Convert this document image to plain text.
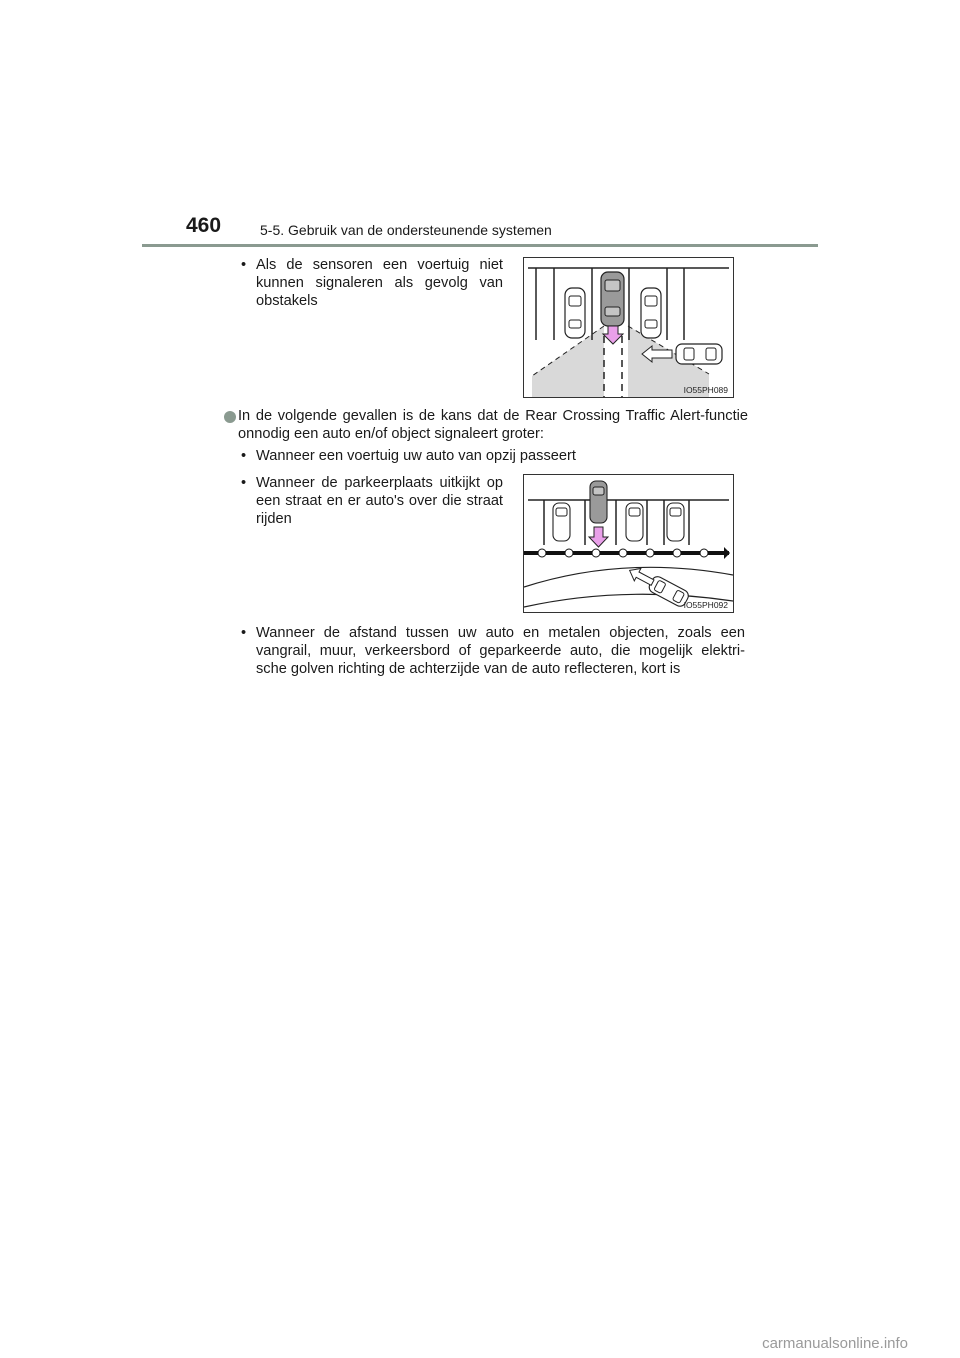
460	5-5. Gebruik van de ondersteunende systemen
• Als de sensoren een voertuig niet kunnen signaleren als gevolg van obstakels
IO55PH089
In de volgende gevallen is de kans dat de Rear Crossing Traffic Alert-functie onnodig een auto en/of object signaleert groter:
• Wanneer een voertuig uw auto van opzij passeert
• Wanneer de parkeerplaats uitkijkt op een straat en er auto's over die straat rijden
IO55PH092
• Wanneer de afstand tussen uw auto en metalen objecten, zoals een
vangrail, muur, verkeersbord of geparkeerde auto, die mogelijk elektri-
sche golven richting de achterzijde van de auto reflecteren, kort is
carmanualsonline.info
